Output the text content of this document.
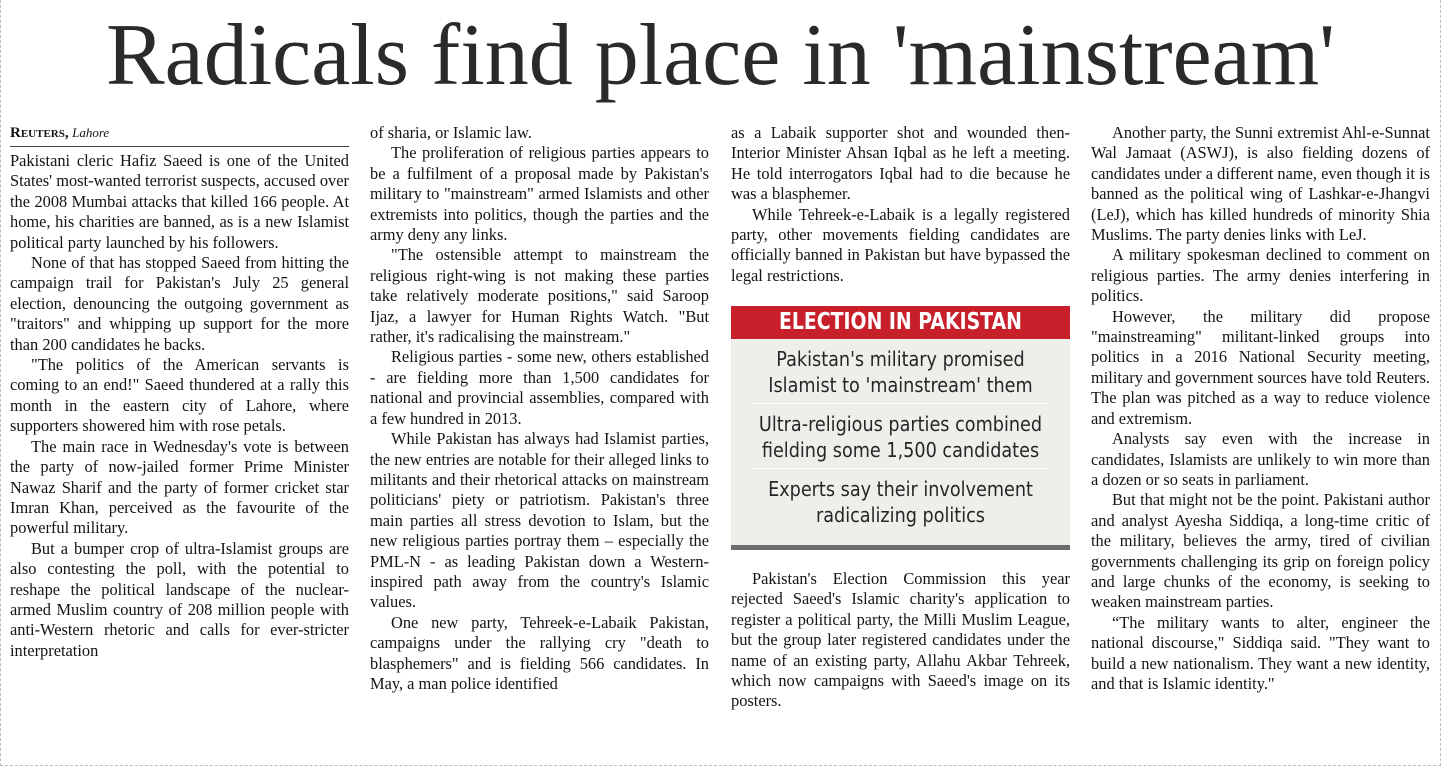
Radicals find place in 'mainstream'
Reuters, Lahore

Pakistani cleric Hafiz Saeed is one of the United States' most-wanted terrorist suspects, accused over the 2008 Mumbai attacks that killed 166 people. At home, his charities are banned, as is a new Islamist political party launched by his followers.

None of that has stopped Saeed from hitting the campaign trail for Pakistan's July 25 general election, denouncing the outgoing government as "traitors" and whipping up support for the more than 200 candidates he backs.

"The politics of the American servants is coming to an end!" Saeed thundered at a rally this month in the eastern city of Lahore, where supporters showered him with rose petals.

The main race in Wednesday's vote is between the party of now-jailed former Prime Minister Nawaz Sharif and the party of former cricket star Imran Khan, perceived as the favourite of the powerful military.

But a bumper crop of ultra-Islamist groups are also contesting the poll, with the potential to reshape the political landscape of the nuclear-armed Muslim country of 208 million people with anti-Western rhetoric and calls for ever-stricter interpretation

of sharia, or Islamic law.

The proliferation of religious parties appears to be a fulfilment of a proposal made by Pakistan's military to "mainstream" armed Islamists and other extremists into politics, though the parties and the army deny any links.

"The ostensible attempt to mainstream the religious right-wing is not making these parties take relatively moderate positions," said Saroop Ijaz, a lawyer for Human Rights Watch. "But rather, it's radicalising the mainstream."

Religious parties - some new, others established - are fielding more than 1,500 candidates for national and provincial assemblies, compared with a few hundred in 2013.

While Pakistan has always had Islamist parties, the new entries are notable for their alleged links to militants and their rhetorical attacks on mainstream politicians' piety or patriotism. Pakistan's three main parties all stress devotion to Islam, but the new religious parties portray them – especially the PML-N - as leading Pakistan down a Western-inspired path away from the country's Islamic values.

One new party, Tehreek-e-Labaik Pakistan, campaigns under the rallying cry "death to blasphemers" and is fielding 566 candidates. In May, a man police identified

as a Labaik supporter shot and wounded then-Interior Minister Ahsan Iqbal as he left a meeting. He told interrogators Iqbal had to die because he was a blasphemer.

While Tehreek-e-Labaik is a legally registered party, other movements fielding candidates are officially banned in Pakistan but have bypassed the legal restrictions.

ELECTION IN PAKISTAN
Pakistan's military promised Islamist to 'mainstream' them
Ultra-religious parties combined fielding some 1,500 candidates
Experts say their involvement radicalizing politics

Pakistan's Election Commission this year rejected Saeed's Islamic charity's application to register a political party, the Milli Muslim League, but the group later registered candidates under the name of an existing party, Allahu Akbar Tehreek, which now campaigns with Saeed's image on its posters.

Another party, the Sunni extremist Ahl-e-Sunnat Wal Jamaat (ASWJ), is also fielding dozens of candidates under a different name, even though it is banned as the political wing of Lashkar-e-Jhangvi (LeJ), which has killed hundreds of minority Shia Muslims. The party denies links with LeJ.

A military spokesman declined to comment on religious parties. The army denies interfering in politics.

However, the military did propose "mainstreaming" militant-linked groups into politics in a 2016 National Security meeting, military and government sources have told Reuters. The plan was pitched as a way to reduce violence and extremism.

Analysts say even with the increase in candidates, Islamists are unlikely to win more than a dozen or so seats in parliament.

But that might not be the point. Pakistani author and analyst Ayesha Siddiqa, a long-time critic of the military, believes the army, tired of civilian governments challenging its grip on foreign policy and large chunks of the economy, is seeking to weaken mainstream parties.

“The military wants to alter, engineer the national discourse," Siddiqa said. "They want to build a new nationalism. They want a new identity, and that is Islamic identity."
